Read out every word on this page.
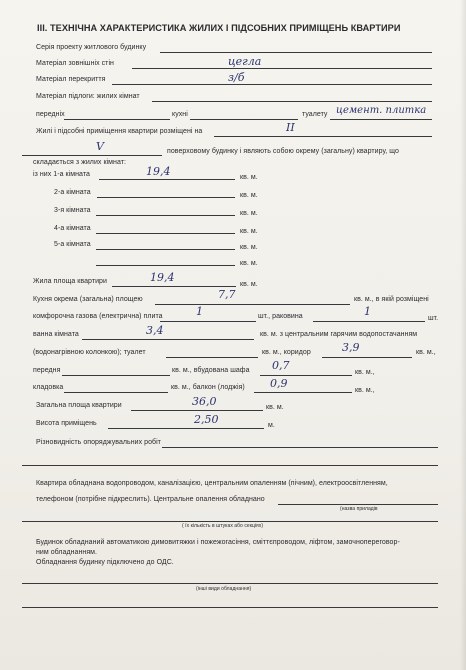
III. ТЕХНІЧНА ХАРАКТЕРИСТИКА ЖИЛИХ І ПІДСОБНИХ ПРИМІЩЕНЬ КВАРТИРИ
Серія проекту житлового будинку
Матеріал зовнішніх стін	цегла
Матеріал перекриття	з/б
Матеріал підлоги: жилих кімнат
передніх	кухні	туалету цемент. плитка
Жилі і підсобні приміщення квартири розміщені на	ІІ
V	поверховому будинку і являють собою окрему (загальну) квартиру, що
складається з жилих кімнат:
із них 1-а кімната	19,4	кв. м.
2-а кімната	кв. м.
3-я кімната	кв. м.
4-а кімната	кв. м.
5-а кімната	кв. м.
кв. м.
Жила площа квартири	19,4
кв. м.
Кухня окрема (загальна) площею	7,7	кв. м., в якій розміщені
комфорочна газова (електрична) плита	1	шт., раковина	1
шт.
ванна кімната	3,4	кв. м. з центральним гарячим водопостачанням
(водонагрівною колонкою); туалет	кв. м., коридор	3,9	кв. м.,
передня	кв. м., вбудована шафа 0,7
кв. м.,
кладовка	кв. м., балкон (лоджія) 0,9
кв. м.,
Загальна площа квартири	36,0	кв. м.
Висота приміщень	2,50	м.
Різновидність опоряджувальних робіт
Квартира обладнана водопроводом, каналізацією, центральним опаленням (пічним), електроосвітленням,
телефоном (потрібне підкреслить). Центральне опалення обладнано
(назва приладів
( їх кількість в штуках або секціях)
Будинок обладнаний автоматикою димовитяжки і пожежогасіння, сміттєпроводом, ліфтом, замочнопереговор-
ним обладнанням.
Обладнання будинку підключено до ОДС.
(інші види обладнання)
